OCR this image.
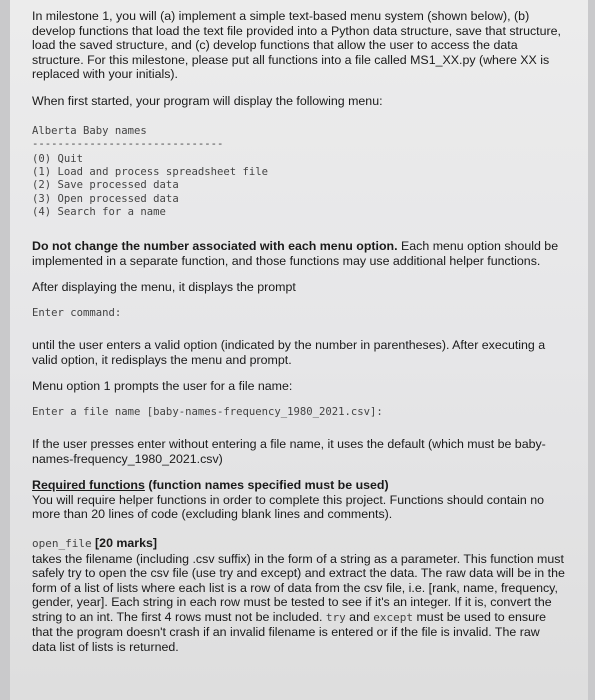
In milestone 1, you will (a) implement a simple text-based menu system (shown below), (b) develop functions that load the text file provided into a Python data structure, save that structure, load the saved structure, and (c) develop functions that allow the user to access the data structure. For this milestone, please put all functions into a file called MS1_XX.py (where XX is replaced with your initials).

When first started, your program will display the following menu:

Alberta Baby names

------------------------------

(0) Quit

(1) Load and process spreadsheet file

(2) Save processed data

(3) Open processed data

(4) Search for a name

Do not change the number associated with each menu option. Each menu option should be implemented in a separate function, and those functions may use additional helper functions.

After displaying the menu, it displays the prompt

Enter command:

until the user enters a valid option (indicated by the number in parentheses). After executing a valid option, it redisplays the menu and prompt.

Menu option 1 prompts the user for a file name:

Enter a file name [baby-names-frequency_1980_2021.csv]:

If the user presses enter without entering a file name, it uses the default (which must be baby-names-frequency_1980_2021.csv)

Required functions (function names specified must be used)

You will require helper functions in order to complete this project. Functions should contain no more than 20 lines of code (excluding blank lines and comments).

open_file [20 marks]

takes the filename (including .csv suffix) in the form of a string as a parameter. This function must safely try to open the csv file (use try and except) and extract the data. The raw data will be in the form of a list of lists where each list is a row of data from the csv file, i.e. [rank, name, frequency, gender, year]. Each string in each row must be tested to see if it's an integer. If it is, convert the string to an int. The first 4 rows must not be included. try and except must be used to ensure that the program doesn't crash if an invalid filename is entered or if the file is invalid. The raw data list of lists is returned.
